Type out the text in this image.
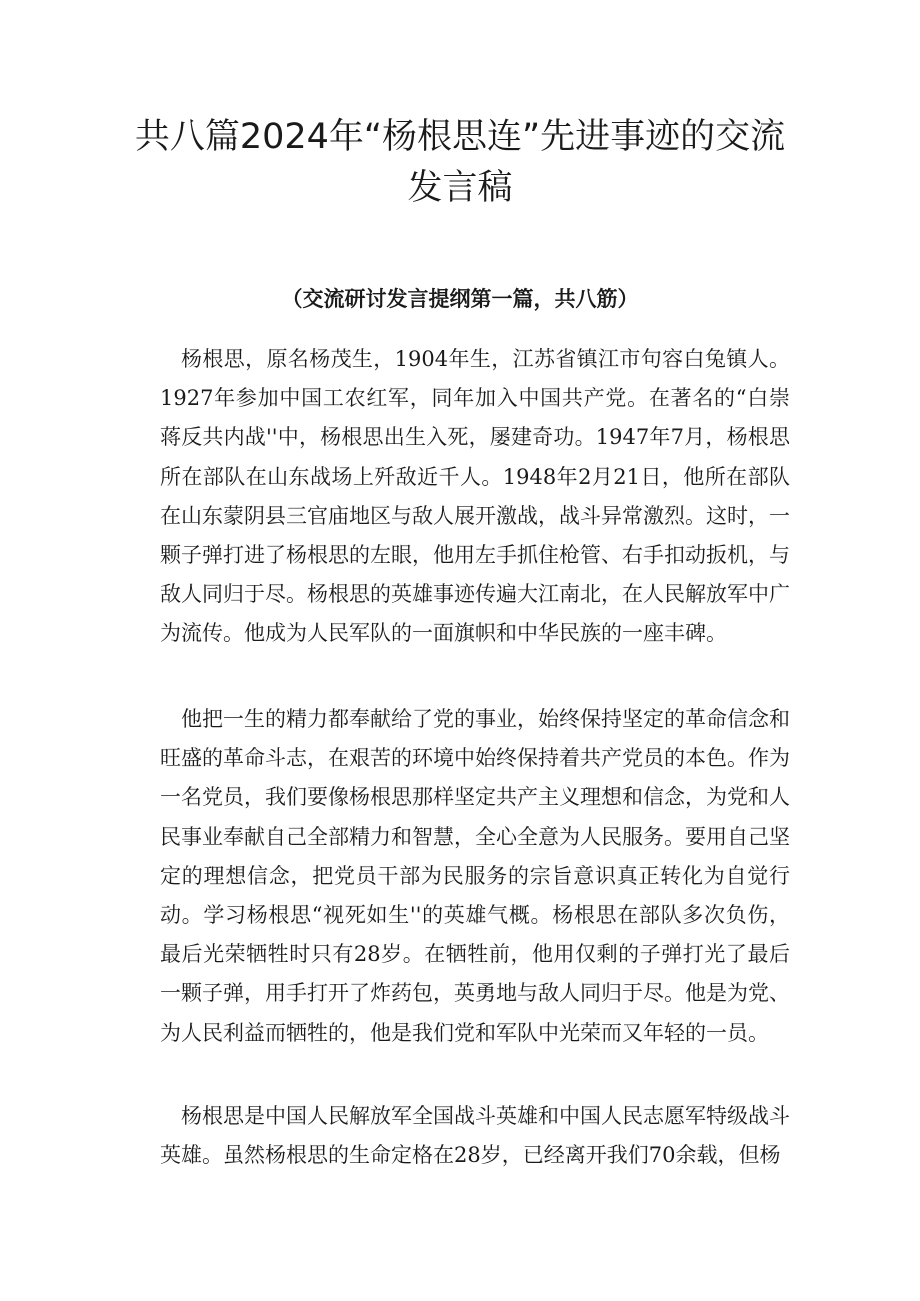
共八篇2024年“杨根思连”先进事迹的交流发言稿

（交流研讨发言提纲第一篇，共八筋）

杨根思，原名杨茂生，1904年生，江苏省镇江市句容白兔镇人。1927年参加中国工农红军，同年加入中国共产党。在著名的“白崇蒋反共内战''中，杨根思出生入死，屡建奇功。1947年7月，杨根思所在部队在山东战场上歼敌近千人。1948年2月21日，他所在部队在山东蒙阴县三官庙地区与敌人展开激战，战斗异常激烈。这时，一颗子弹打进了杨根思的左眼，他用左手抓住枪管、右手扣动扳机，与敌人同归于尽。杨根思的英雄事迹传遍大江南北，在人民解放军中广为流传。他成为人民军队的一面旗帜和中华民族的一座丰碑。

他把一生的精力都奉献给了党的事业，始终保持坚定的革命信念和旺盛的革命斗志，在艰苦的环境中始终保持着共产党员的本色。作为一名党员，我们要像杨根思那样坚定共产主义理想和信念，为党和人民事业奉献自己全部精力和智慧，全心全意为人民服务。要用自己坚定的理想信念，把党员干部为民服务的宗旨意识真正转化为自觉行动。学习杨根思“视死如生''的英雄气概。杨根思在部队多次负伤，最后光荣牺牲时只有28岁。在牺牲前，他用仅剩的子弹打光了最后一颗子弹，用手打开了炸药包，英勇地与敌人同归于尽。他是为党、为人民利益而牺牲的，他是我们党和军队中光荣而又年轻的一员。

杨根思是中国人民解放军全国战斗英雄和中国人民志愿军特级战斗英雄。虽然杨根思的生命定格在28岁，已经离开我们70余载，但杨
